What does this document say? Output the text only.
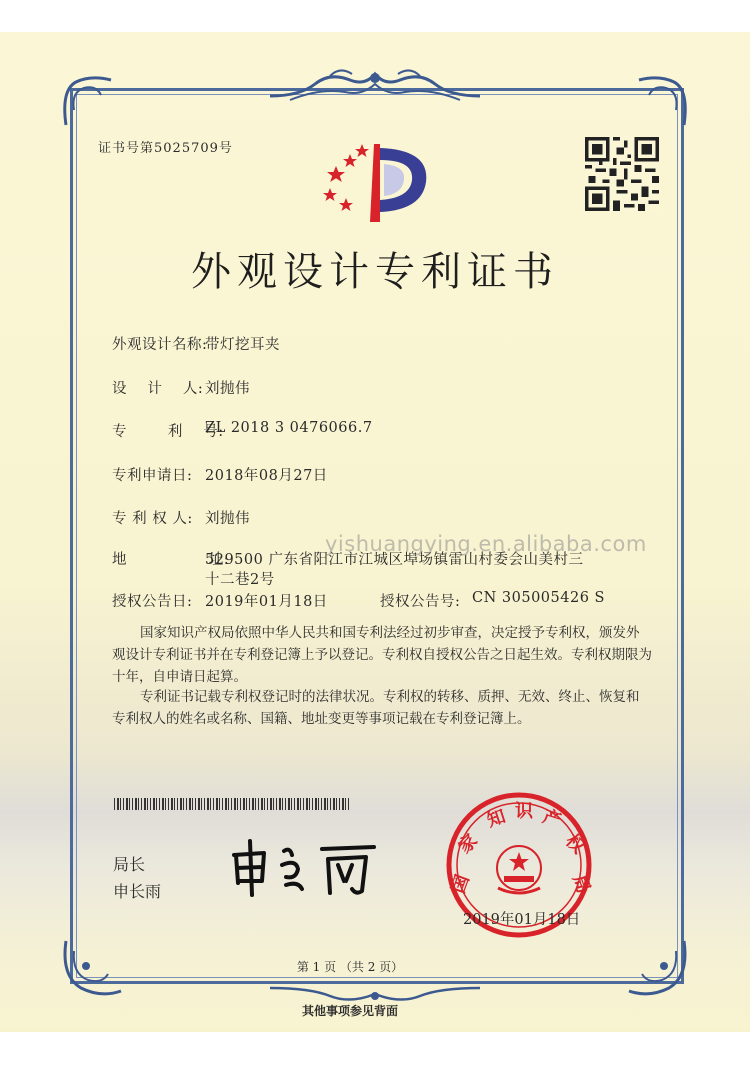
证书号第5025709号
外观设计专利证书
外观设计名称:
带灯挖耳夹
设    计    人: 刘抛伟
专        利    号:
ZL 2018 3 0476066.7
专利申请日: 2018年08月27日
专 利 权 人: 刘抛伟
地                址:
529500 广东省阳江市江城区埠场镇雷山村委会山美村三
十二巷2号
yishuangying.en.alibaba.com
授权公告日: 2019年01月18日	授权公告号: CN 305005426 S

国家知识产权局依照中华人民共和国专利法经过初步审查，决定授予专利权，颁发外观设计专利证书并在专利登记簿上予以登记。专利权自授权公告之日起生效。专利权期限为十年，自申请日起算。

专利证书记载专利权登记时的法律状况。专利权的转移、质押、无效、终止、恢复和专利权人的姓名或名称、国籍、地址变更等事项记载在专利登记簿上。

局长
申长雨	国
家
知 识 产
权
局
2019年01月18日
第 1 页 （共 2 页）
其他事项参见背面
